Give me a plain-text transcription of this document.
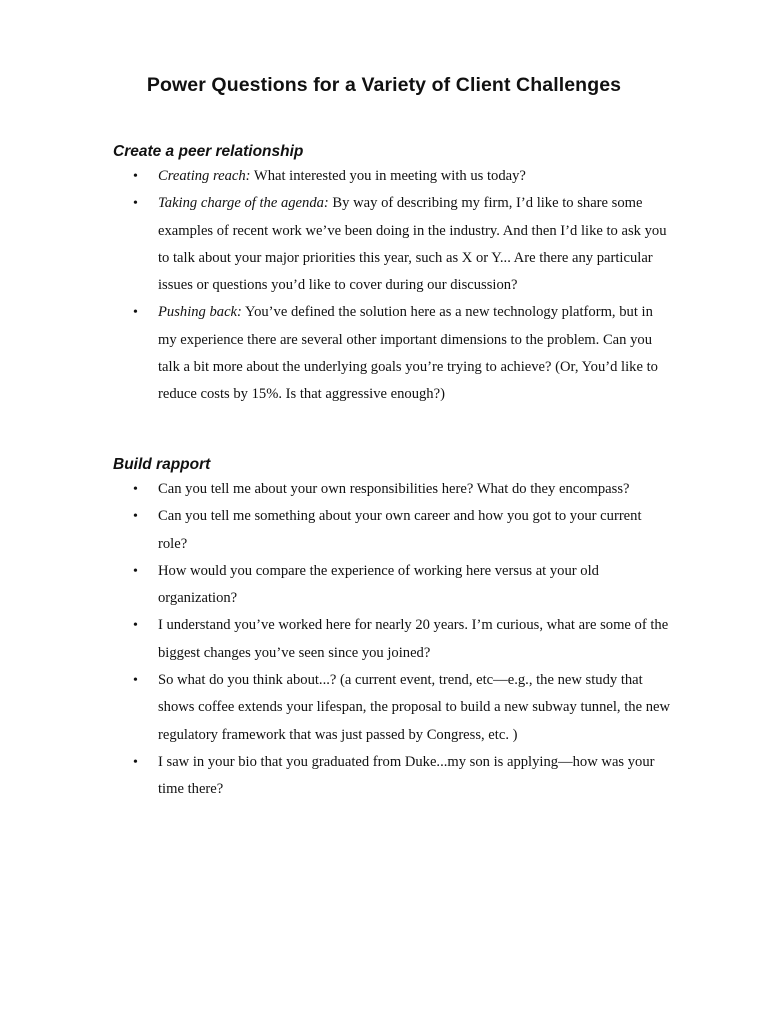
Power Questions for a Variety of Client Challenges
Create a peer relationship
• Creating reach: What interested you in meeting with us today?
• Taking charge of the agenda: By way of describing my firm, I’d like to share some examples of recent work we’ve been doing in the industry. And then I’d like to ask you to talk about your major priorities this year, such as X or Y... Are there any particular issues or questions you’d like to cover during our discussion?
• Pushing back: You’ve defined the solution here as a new technology platform, but in my experience there are several other important dimensions to the problem. Can you talk a bit more about the underlying goals you’re trying to achieve? (Or, You’d like to reduce costs by 15%. Is that aggressive enough?)
Build rapport
• Can you tell me about your own responsibilities here? What do they encompass?
• Can you tell me something about your own career and how you got to your current role?
• How would you compare the experience of working here versus at your old organization?
• I understand you’ve worked here for nearly 20 years. I’m curious, what are some of the biggest changes you’ve seen since you joined?
• So what do you think about...? (a current event, trend, etc—e.g., the new study that shows coffee extends your lifespan, the proposal to build a new subway tunnel, the new regulatory framework that was just passed by Congress, etc. )
• I saw in your bio that you graduated from Duke...my son is applying—how was your time there?
